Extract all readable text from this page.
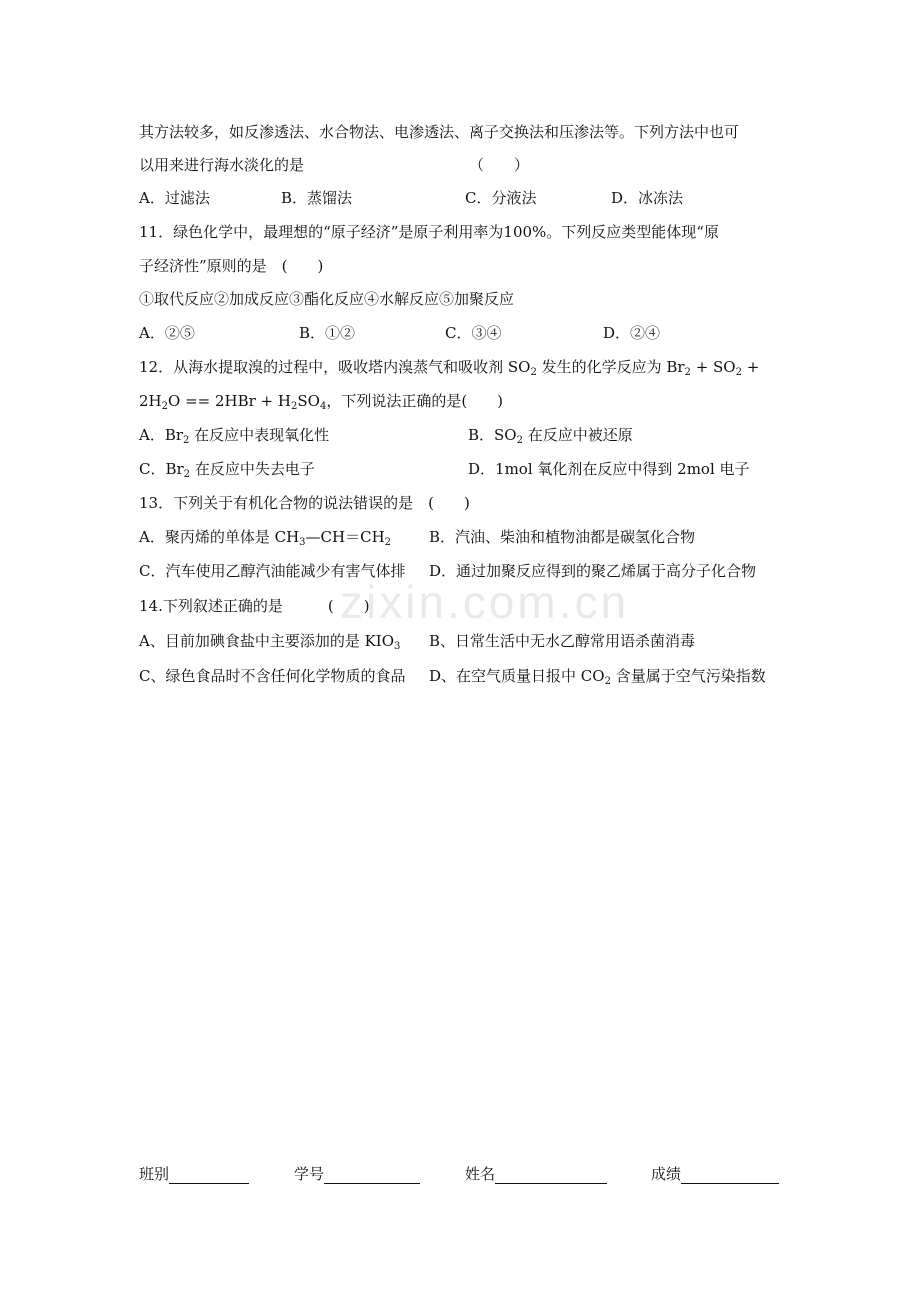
其方法较多，如反渗透法、水合物法、电渗透法、离子交换法和压渗法等。下列方法中也可
以用来进行海水淡化的是	（　　）
A．过滤法	B．蒸馏法	C．分液法	D．冰冻法
11．绿色化学中，最理想的“原子经济”是原子利用率为100%。下列反应类型能体现“原
子经济性”原则的是　(　　)
①取代反应②加成反应③酯化反应④水解反应⑤加聚反应
A．②⑤	B．①②	C．③④	D．②④
12．从海水提取溴的过程中，吸收塔内溴蒸气和吸收剂 $SO_2$ 发生的化学反应为 $Br_2 + SO_2$ +
$2H_2O == 2HBr + H_2SO_4$，下列说法正确的是(　　)
A．$Br_2$ 在反应中表现氧化性	B．$SO_2$ 在反应中被还原
C．$Br_2$ 在反应中失去电子	D．1mol 氧化剂在反应中得到 2mol 电子
13．下列关于有机化合物的说法错误的是　(　　)
A．聚丙烯的单体是 $CH_3—CH=CH_2$	B．汽油、柴油和植物油都是碳氢化合物
C．汽车使用乙醇汽油能减少有害气体排 D．通过加聚反应得到的聚乙烯属于高分子化合物
14.下列叙述正确的是　　　(　　)
A、目前加碘食盐中主要添加的是 $KIO_3$ B、日常生活中无水乙醇常用语杀菌消毒
C、绿色食品时不含任何化学物质的食品 D、在空气质量日报中 $CO_2$ 含量属于空气污染指数
zixin.com.cn
班别	学号	姓名	成绩
